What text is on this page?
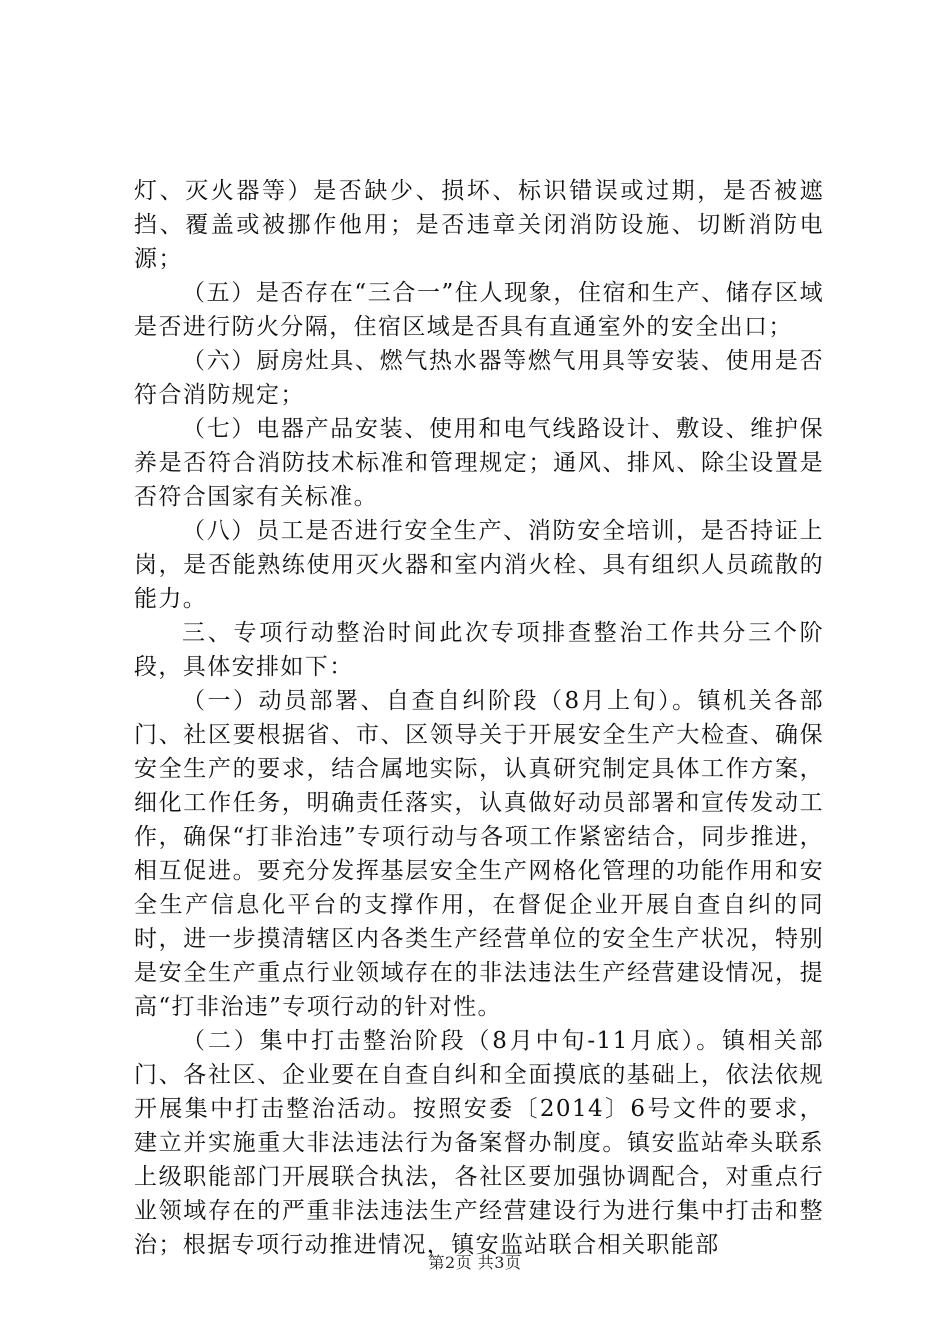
灯、灭火器等）是否缺少、损坏、标识错误或过期，是否被遮挡、覆盖或被挪作他用；是否违章关闭消防设施、切断消防电源；

（五）是否存在“三合一”住人现象，住宿和生产、储存区域是否进行防火分隔，住宿区域是否具有直通室外的安全出口；

（六）厨房灶具、燃气热水器等燃气用具等安装、使用是否符合消防规定；

（七）电器产品安装、使用和电气线路设计、敷设、维护保养是否符合消防技术标准和管理规定；通风、排风、除尘设置是否符合国家有关标准。

（八）员工是否进行安全生产、消防安全培训，是否持证上岗，是否能熟练使用灭火器和室内消火栓、具有组织人员疏散的能力。

三、专项行动整治时间此次专项排查整治工作共分三个阶段，具体安排如下：

（一）动员部署、自查自纠阶段（8月上旬）。镇机关各部门、社区要根据省、市、区领导关于开展安全生产大检查、确保安全生产的要求，结合属地实际，认真研究制定具体工作方案，细化工作任务，明确责任落实，认真做好动员部署和宣传发动工作，确保“打非治违”专项行动与各项工作紧密结合，同步推进，相互促进。要充分发挥基层安全生产网格化管理的功能作用和安全生产信息化平台的支撑作用，在督促企业开展自查自纠的同时，进一步摸清辖区内各类生产经营单位的安全生产状况，特别是安全生产重点行业领域存在的非法违法生产经营建设情况，提高“打非治违”专项行动的针对性。

（二）集中打击整治阶段（8月中旬-11月底）。镇相关部门、各社区、企业要在自查自纠和全面摸底的基础上，依法依规开展集中打击整治活动。按照安委〔2014〕6号文件的要求，建立并实施重大非法违法行为备案督办制度。镇安监站牵头联系上级职能部门开展联合执法，各社区要加强协调配合，对重点行业领域存在的严重非法违法生产经营建设行为进行集中打击和整治；根据专项行动推进情况，镇安监站联合相关职能部

第2页 共3页
